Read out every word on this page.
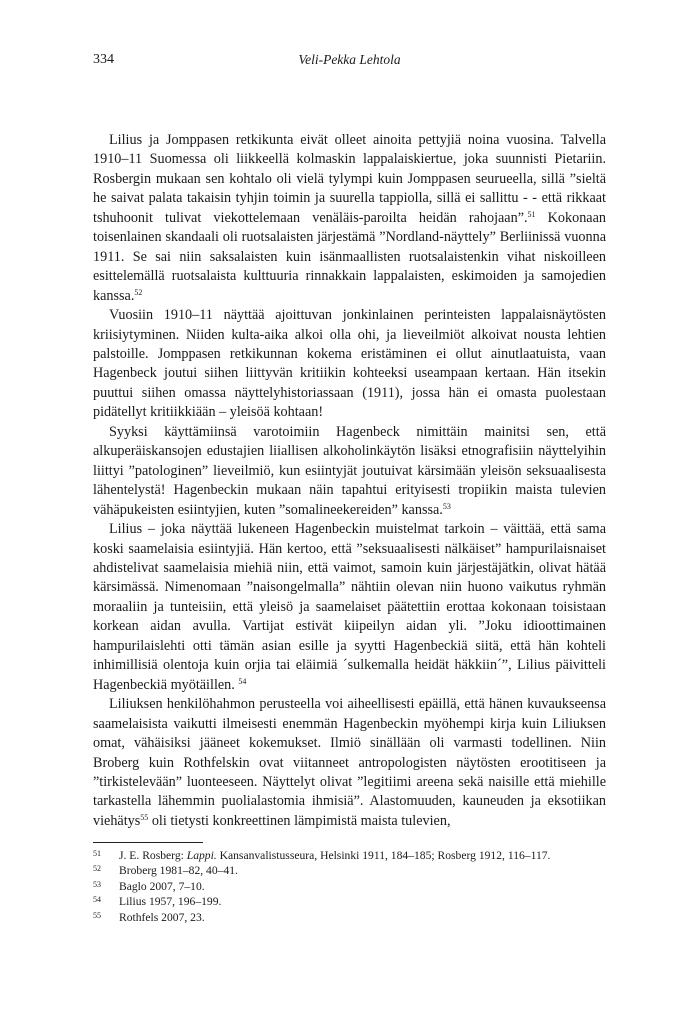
334	Veli-Pekka Lehtola

Lilius ja Jomppasen retkikunta eivät olleet ainoita pettyjiä noina vuosina. Talvella 1910–11 Suomessa oli liikkeellä kolmaskin lappalaiskiertue, joka suunnisti Pietariin. Rosbergin mukaan sen kohtalo oli vielä tylympi kuin Jomppasen seurueella, sillä ”sieltä he saivat palata takaisin tyhjin toimin ja suurella tappiolla, sillä ei sallittu - - että rikkaat tshuhoonit tulivat viekottelemaan venäläis-paroilta heidän rahojaan”.$^{51}$ Kokonaan toisenlainen skandaali oli ruotsalaisten järjestämä ”Nordland-näyttely” Berliinissä vuonna 1911. Se sai niin saksalaisten kuin isänmaallisten ruotsalaistenkin vihat niskoilleen esittelemällä ruotsalaista kulttuuria rinnakkain lappalaisten, eskimoiden ja samojedien kanssa.$^{52}$

Vuosiin 1910–11 näyttää ajoittuvan jonkinlainen perinteisten lappalaisnäytösten kriisiytyminen. Niiden kulta-aika alkoi olla ohi, ja lieveilmiöt alkoivat nousta lehtien palstoille. Jomppasen retkikunnan kokema eristäminen ei ollut ainutlaatuista, vaan Hagenbeck joutui siihen liittyvän kritiikin kohteeksi useampaan kertaan. Hän itsekin puuttui siihen omassa näyttelyhistoriassaan (1911), jossa hän ei omasta puolestaan pidätellyt kritiikkiään – yleisöä kohtaan!

Syyksi käyttämiinsä varotoimiin Hagenbeck nimittäin mainitsi sen, että alkuperäiskansojen edustajien liiallisen alkoholinkäytön lisäksi etnografisiin näyttelyihin liittyi ”patologinen” lieveilmiö, kun esiintyjät joutuivat kärsimään yleisön seksuaalisesta lähentelystä! Hagenbeckin mukaan näin tapahtui erityisesti tropiikin maista tulevien vähäpukeisten esiintyjien, kuten ”somalineekereiden” kanssa.$^{53}$

Lilius – joka näyttää lukeneen Hagenbeckin muistelmat tarkoin – väittää, että sama koski saamelaisia esiintyjiä. Hän kertoo, että ”seksuaalisesti nälkäiset” hampurilaisnaiset ahdistelivat saamelaisia miehiä niin, että vaimot, samoin kuin järjestäjätkin, olivat hätää kärsimässä. Nimenomaan ”naisongelmalla” nähtiin olevan niin huono vaikutus ryhmän moraaliin ja tunteisiin, että yleisö ja saamelaiset päätettiin erottaa kokonaan toisistaan korkean aidan avulla. Vartijat estivät kiipeilyn aidan yli. ”Joku idioottimainen hampurilaislehti otti tämän asian esille ja syytti Hagenbeckiä siitä, että hän kohteli inhimillisiä olentoja kuin orjia tai eläimiä ´sulkemalla heidät häkkiin´”, Lilius päivitteli Hagenbeckiä myötäillen. $^{54}$

Liliuksen henkilöhahmon perusteella voi aiheellisesti epäillä, että hänen kuvaukseensa saamelaisista vaikutti ilmeisesti enemmän Hagenbeckin myöhempi kirja kuin Liliuksen omat, vähäisiksi jääneet kokemukset. Ilmiö sinällään oli varmasti todellinen. Niin Broberg kuin Rothfelskin ovat viitanneet antropologisten näytösten erootitiseen ja ”tirkistelevään” luonteeseen. Näyttelyt olivat ”legitiimi areena sekä naisille että miehille tarkastella lähemmin puolialastomia ihmisiä”. Alastomuuden, kauneuden ja eksotiikan viehätys$^{55}$ oli tietysti konkreettinen lämpimistä maista tulevien,

51 J. E. Rosberg: Lappi. Kansanvalistusseura, Helsinki 1911, 184–185; Rosberg 1912, 116–117.
52 Broberg 1981–82, 40–41.
53 Baglo 2007, 7–10.
54 Lilius 1957, 196–199.
55 Rothfels 2007, 23.
